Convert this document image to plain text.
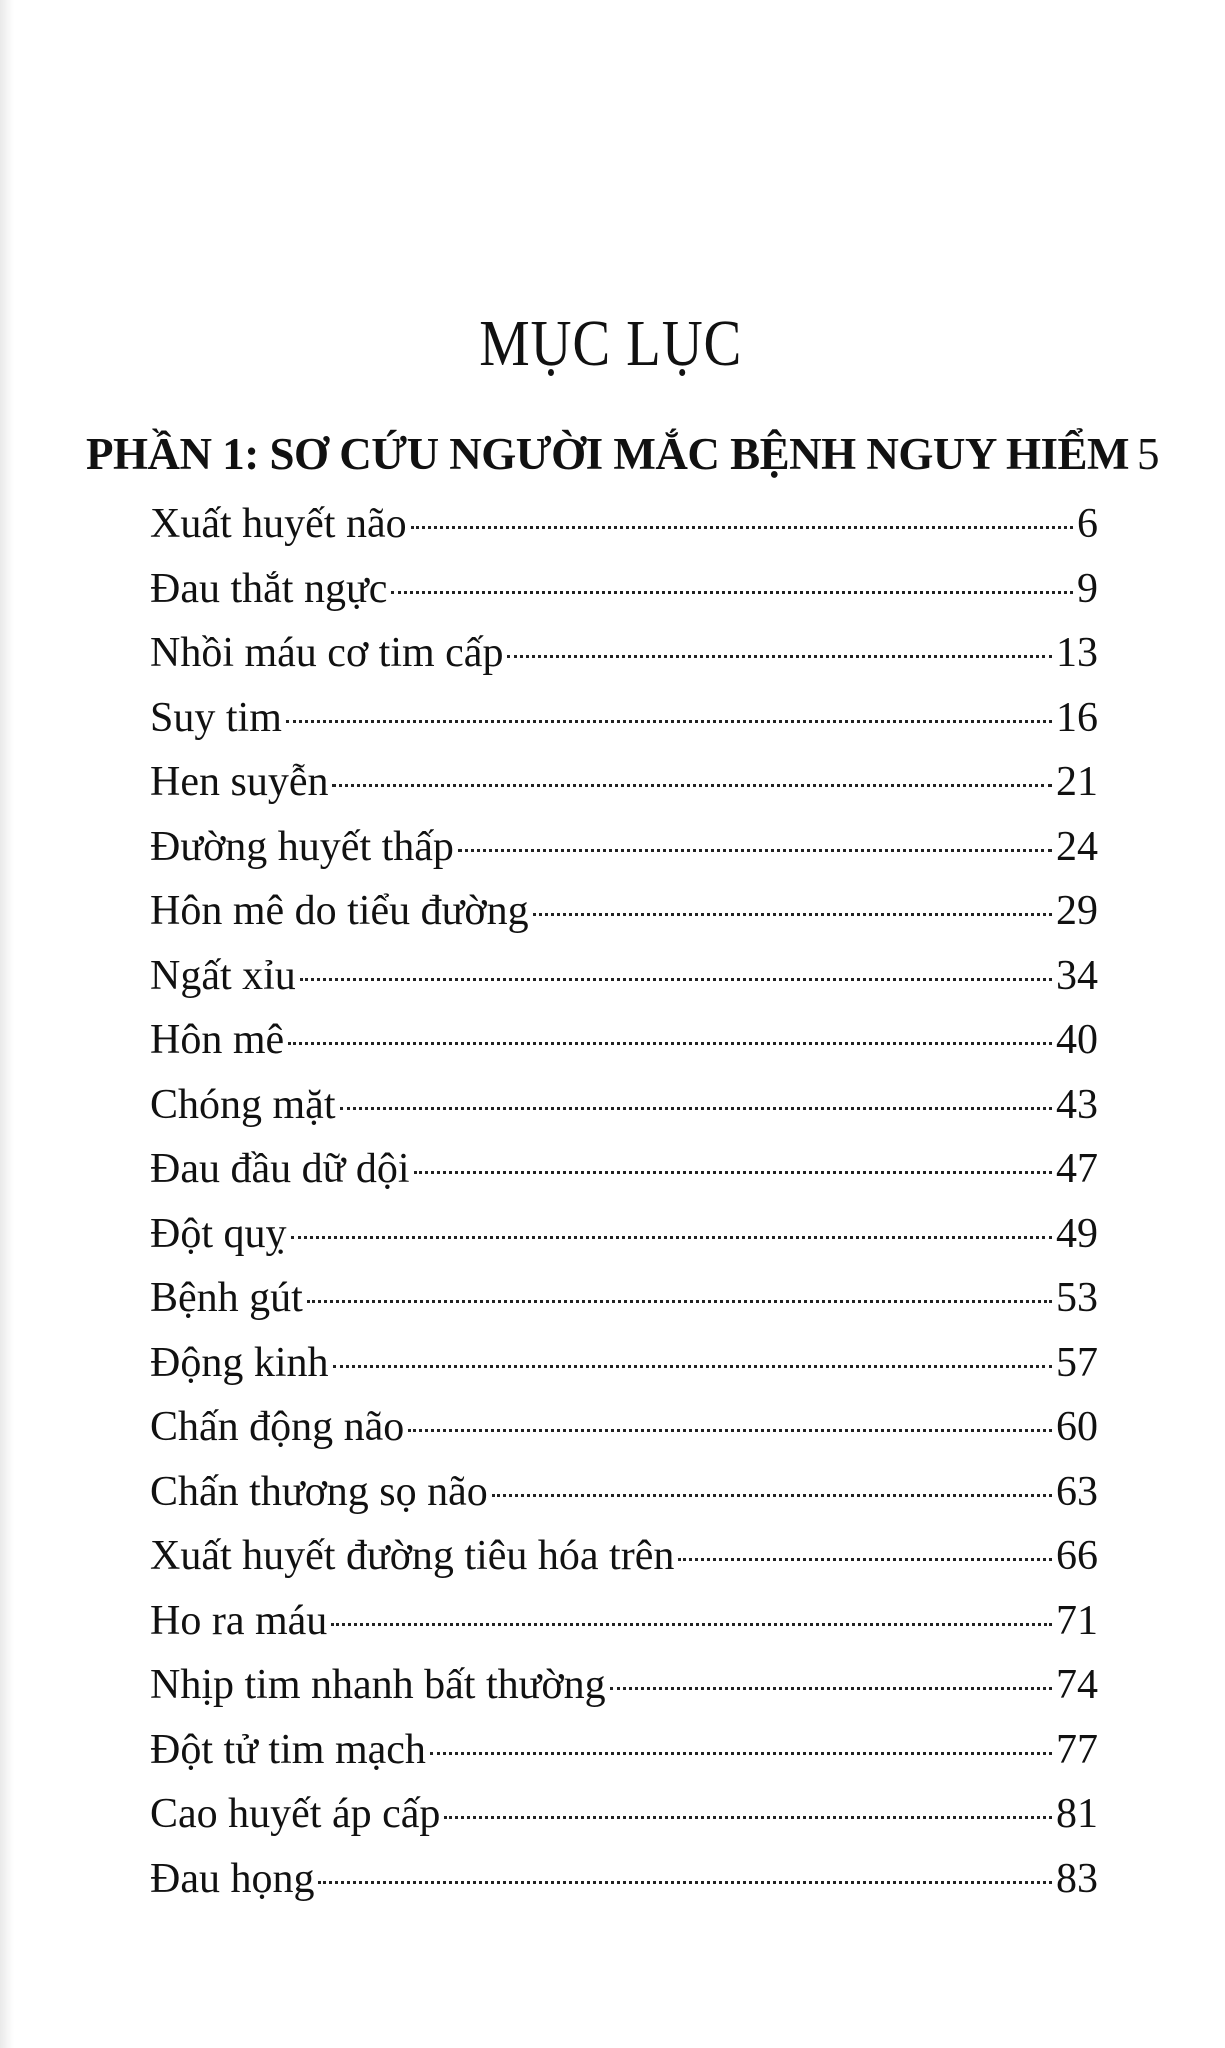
MỤC LỤC
PHẦN 1: SƠ CỨU NGƯỜI MẮC BỆNH NGUY HIỂM 5
Xuất huyết não	6
Đau thắt ngực	9
Nhồi máu cơ tim cấp	13
Suy tim	16
Hen suyễn	21
Đường huyết thấp	24
Hôn mê do tiểu đường	29
Ngất xỉu	34
Hôn mê	40
Chóng mặt	43
Đau đầu dữ dội	47
Đột quỵ	49
Bệnh gút	53
Động kinh	57
Chấn động não	60
Chấn thương sọ não	63
Xuất huyết đường tiêu hóa trên	66
Ho ra máu	71
Nhịp tim nhanh bất thường	74
Đột tử tim mạch	77
Cao huyết áp cấp	81
Đau họng	83
